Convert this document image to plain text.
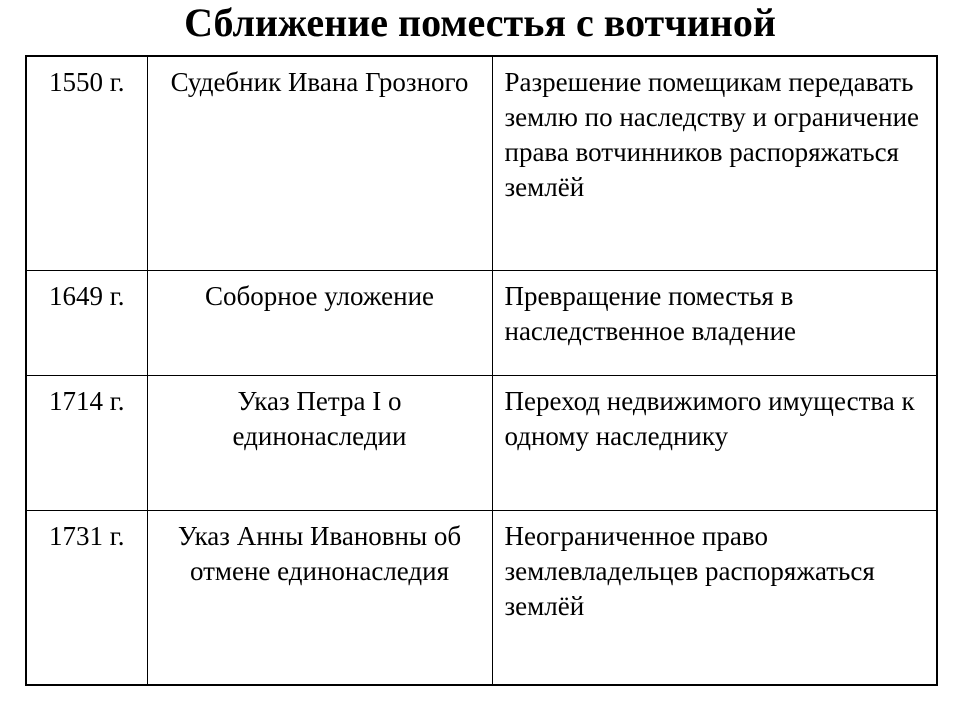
Сближение поместья с вотчиной
1550 г.	Судебник Ивана Грозного	Разрешение помещикам передавать землю по наследству и ограничение права вотчинников распоряжаться землёй
1649 г.	Соборное уложение	Превращение поместья в наследственное владение
1714 г.	Указ Петра I о единонаследии	Переход недвижимого имущества к одному наследнику
1731 г.	Указ Анны Ивановны об отмене единонаследия	Неограниченное право землевладельцев распоряжаться землёй
